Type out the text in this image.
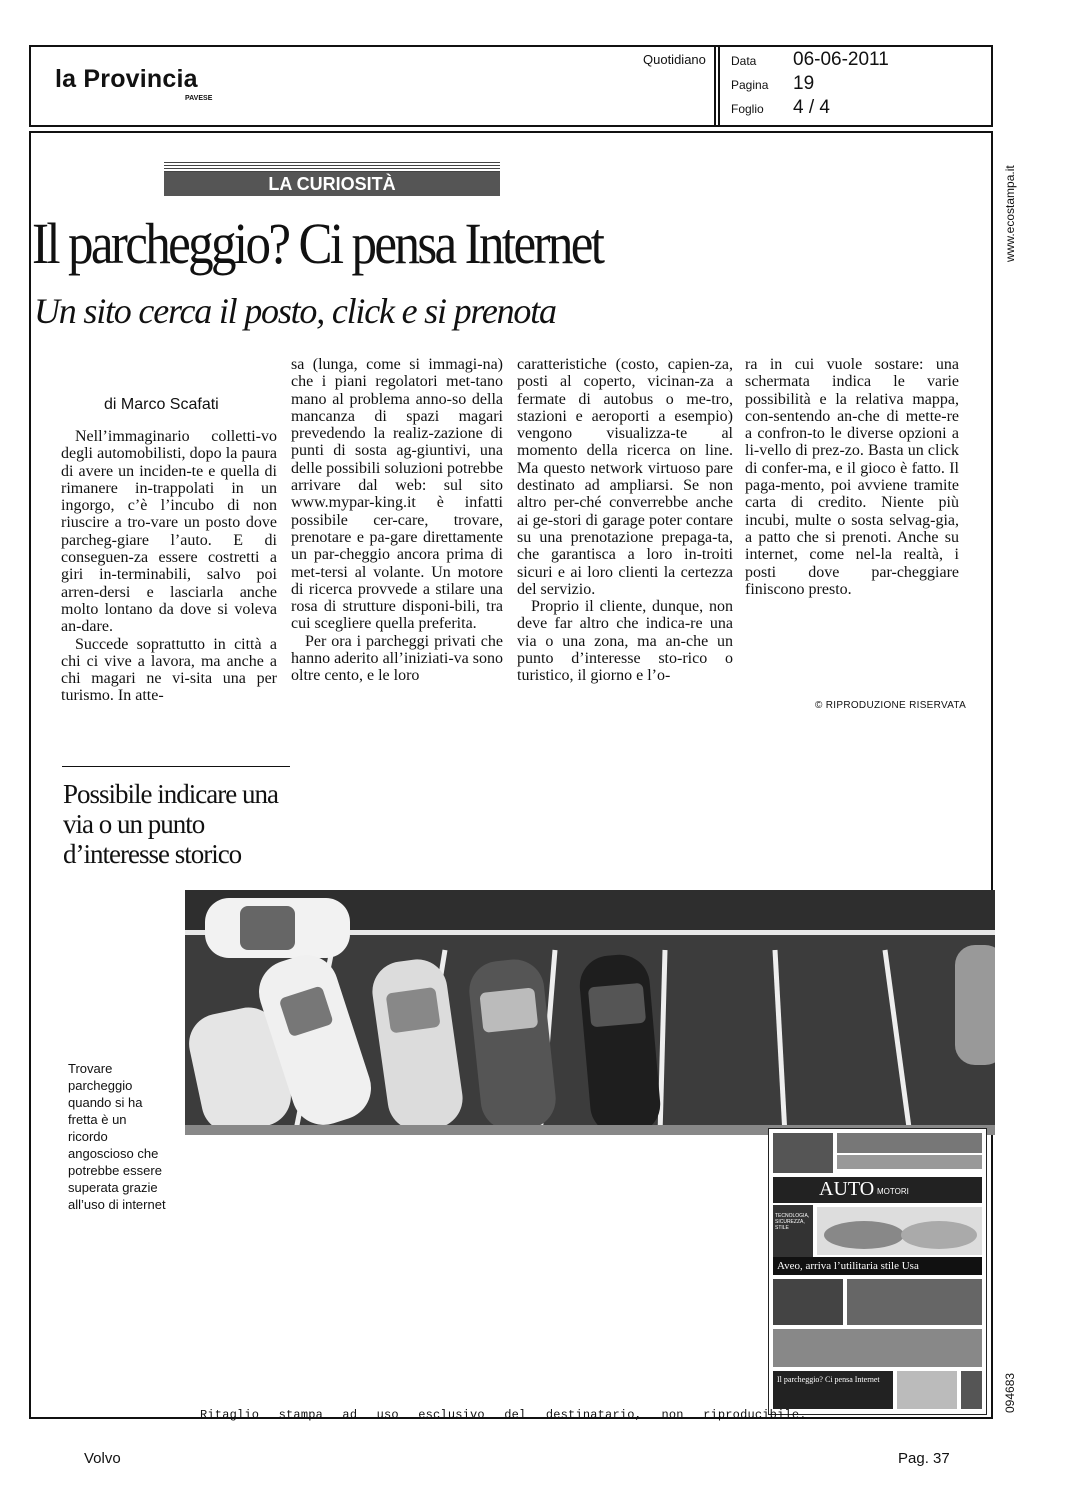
la Provincia
PAVESE
Quotidiano Data 06-06-2011
Pagina 19
Foglio 4 / 4
www.ecostampa.it
LA CURIOSITÀ
Il parcheggio? Ci pensa Internet
Un sito cerca il posto, click e si prenota
di Marco Scafati

Nell’immaginario colletti-vo degli automobilisti, dopo la paura di avere un inciden-te e quella di rimanere in-trappolati in un ingorgo, c’è l’incubo di non riuscire a tro-vare un posto dove parcheg-giare l’auto. E di conseguen-za essere costretti a giri in-terminabili, salvo poi arren-dersi e lasciarla anche molto lontano da dove si voleva an-dare.

Succede soprattutto in città a chi ci vive a lavora, ma anche a chi magari ne vi-sita una per turismo. In atte-

sa (lunga, come si immagi-na) che i piani regolatori met-tano mano al problema anno-so della mancanza di spazi magari prevedendo la realiz-zazione di punti di sosta ag-giuntivi, una delle possibili soluzioni potrebbe arrivare dal web: sul sito www.mypar-king.it è infatti possibile cer-care, trovare, prenotare e pa-gare direttamente un par-cheggio ancora prima di met-tersi al volante. Un motore di ricerca provvede a stilare una rosa di strutture disponi-bili, tra cui scegliere quella preferita.

Per ora i parcheggi privati che hanno aderito all’iniziati-va sono oltre cento, e le loro

caratteristiche (costo, capien-za, posti al coperto, vicinan-za a fermate di autobus o me-tro, stazioni e aeroporti a esempio) vengono visualizza-te al momento della ricerca on line. Ma questo network virtuoso pare destinato ad ampliarsi. Se non altro per-ché converrebbe anche ai ge-stori di garage poter contare su una prenotazione prepaga-ta, che garantisca a loro in-troiti sicuri e ai loro clienti la certezza del servizio.

Proprio il cliente, dunque, non deve far altro che indica-re una via o una zona, ma an-che un punto d’interesse sto-rico o turistico, il giorno e l’o-

ra in cui vuole sostare: una schermata indica le varie possibilità e la relativa mappa, con-sentendo an-che di mette-re a confron-to le diverse opzioni a li-vello di prez-zo. Basta un click di confer-ma, e il gioco è fatto. Il paga-mento, poi avviene tramite carta di credito. Niente più incubi, multe o sosta selvag-gia, a patto che si prenoti. Anche su internet, come nel-la realtà, i posti dove par-cheggiare finiscono presto.

© RIPRODUZIONE RISERVATA
Possibile indicare una via o un punto d’interesse storico
Trovare parcheggio quando si ha fretta è un ricordo angoscioso che potrebbe essere superata grazie all’uso di internet
AUTO MOTORI
TECNOLOGIA, SICUREZZA, STILE
Aveo, arriva l’utilitaria stile Usa
Il parcheggio? Ci pensa Internet
Ritaglio stampa ad uso esclusivo del destinatario, non riproducibile.
094683
Volvo	Pag. 37
